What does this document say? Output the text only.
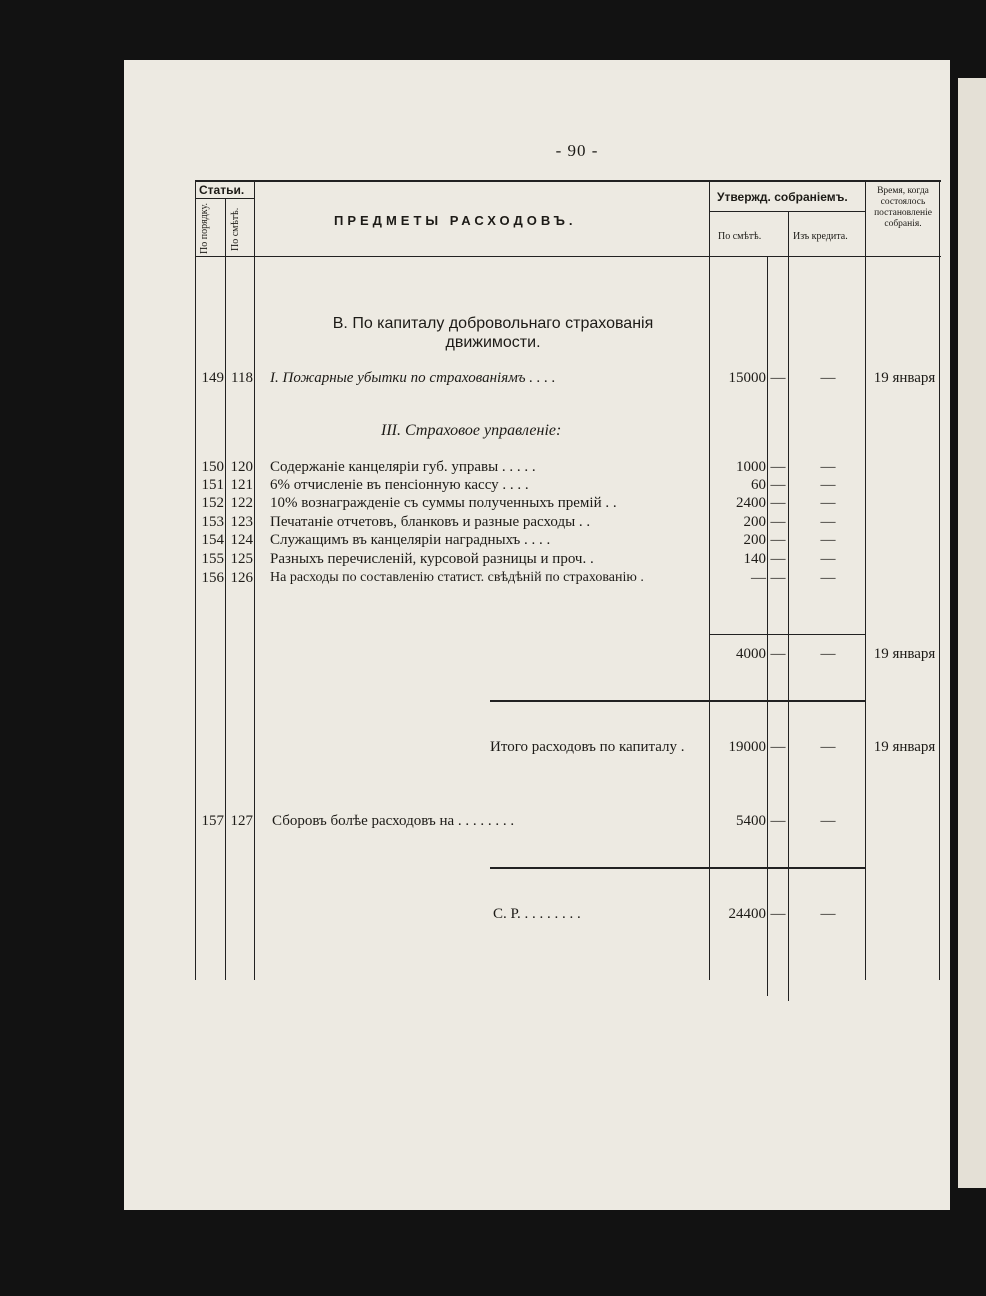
- 90 -
Статьи.
По порядку. По смѣтѣ.	ПРЕДМЕТЫ РАСХОДОВЪ.
Утвержд. собраніемъ.
По смѣтѣ.	Изъ кредита.
Время, когда состоялось постановленіе собранія.
В. По капиталу добровольнаго страхованія движимости.
149 118 I. Пожарные убытки по страхованіямъ . . . .	15000 —	—	19 января
III. Страховое управленіе:
150 120 Содержаніе канцеляріи губ. управы . . . . .	1000 —	—
151 121 6% отчисленіе въ пенсіонную кассу . . . .	60 —	—
152 122 10% вознагражденіе съ суммы полученныхъ премій . .	2400 —	—
153 123 Печатаніе отчетовъ, бланковъ и разные расходы . .	200 —	—
154 124 Служащимъ въ канцеляріи наградныхъ . . . .	200 —	—
155 125 Разныхъ перечисленій, курсовой разницы и проч. .	140 —	—
156 126 На расходы по составленію статист. свѣдѣній по страхованію .	— —	—
4000 —	—	19 января
Итого расходовъ по капиталу .	19000 —	—	19 января
157 127 Сборовъ болѣе расходовъ на . . . . . . . .	5400 —	—
С. Р. . . . . . . . .	24400 —	—
